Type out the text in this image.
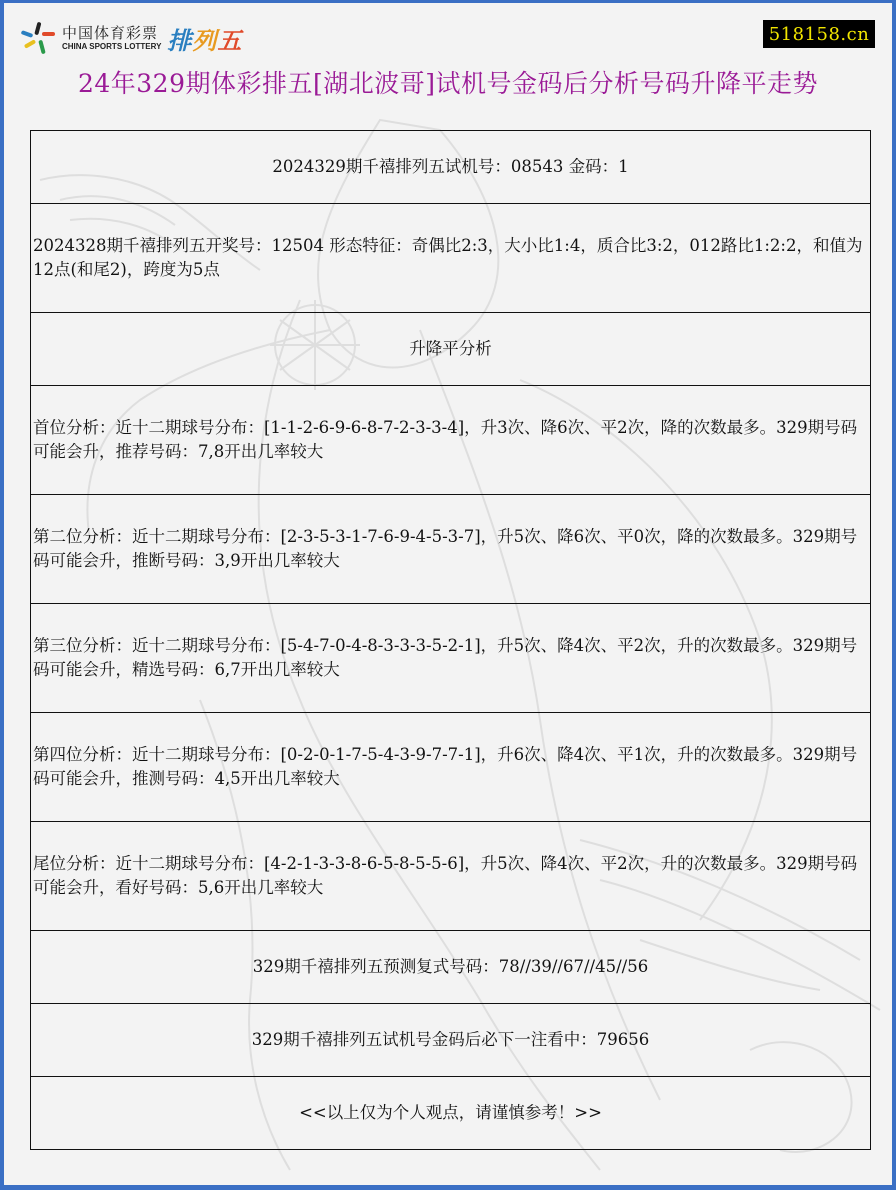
中国体育彩票
CHINA SPORTS LOTTERY 排列五	518158.cn
24年329期体彩排五[湖北波哥]试机号金码后分析号码升降平走势
2024329期千禧排列五试机号：08543 金码：1
2024328期千禧排列五开奖号：12504 形态特征：奇偶比2:3，大小比1:4，质合比3:2，012路比1:2:2，和值为12点(和尾2)，跨度为5点
升降平分析
首位分析：近十二期球号分布：[1-1-2-6-9-6-8-7-2-3-3-4]，升3次、降6次、平2次，降的次数最多。329期号码可能会升，推荐号码：7,8开出几率较大
第二位分析：近十二期球号分布：[2-3-5-3-1-7-6-9-4-5-3-7]，升5次、降6次、平0次，降的次数最多。329期号码可能会升，推断号码：3,9开出几率较大
第三位分析：近十二期球号分布：[5-4-7-0-4-8-3-3-3-5-2-1]，升5次、降4次、平2次，升的次数最多。329期号码可能会升，精选号码：6,7开出几率较大
第四位分析：近十二期球号分布：[0-2-0-1-7-5-4-3-9-7-7-1]，升6次、降4次、平1次，升的次数最多。329期号码可能会升，推测号码：4,5开出几率较大
尾位分析：近十二期球号分布：[4-2-1-3-3-8-6-5-8-5-5-6]，升5次、降4次、平2次，升的次数最多。329期号码可能会升，看好号码：5,6开出几率较大
329期千禧排列五预测复式号码：78//39//67//45//56
329期千禧排列五试机号金码后必下一注看中：79656
<<以上仅为个人观点，请谨慎参考！>>
